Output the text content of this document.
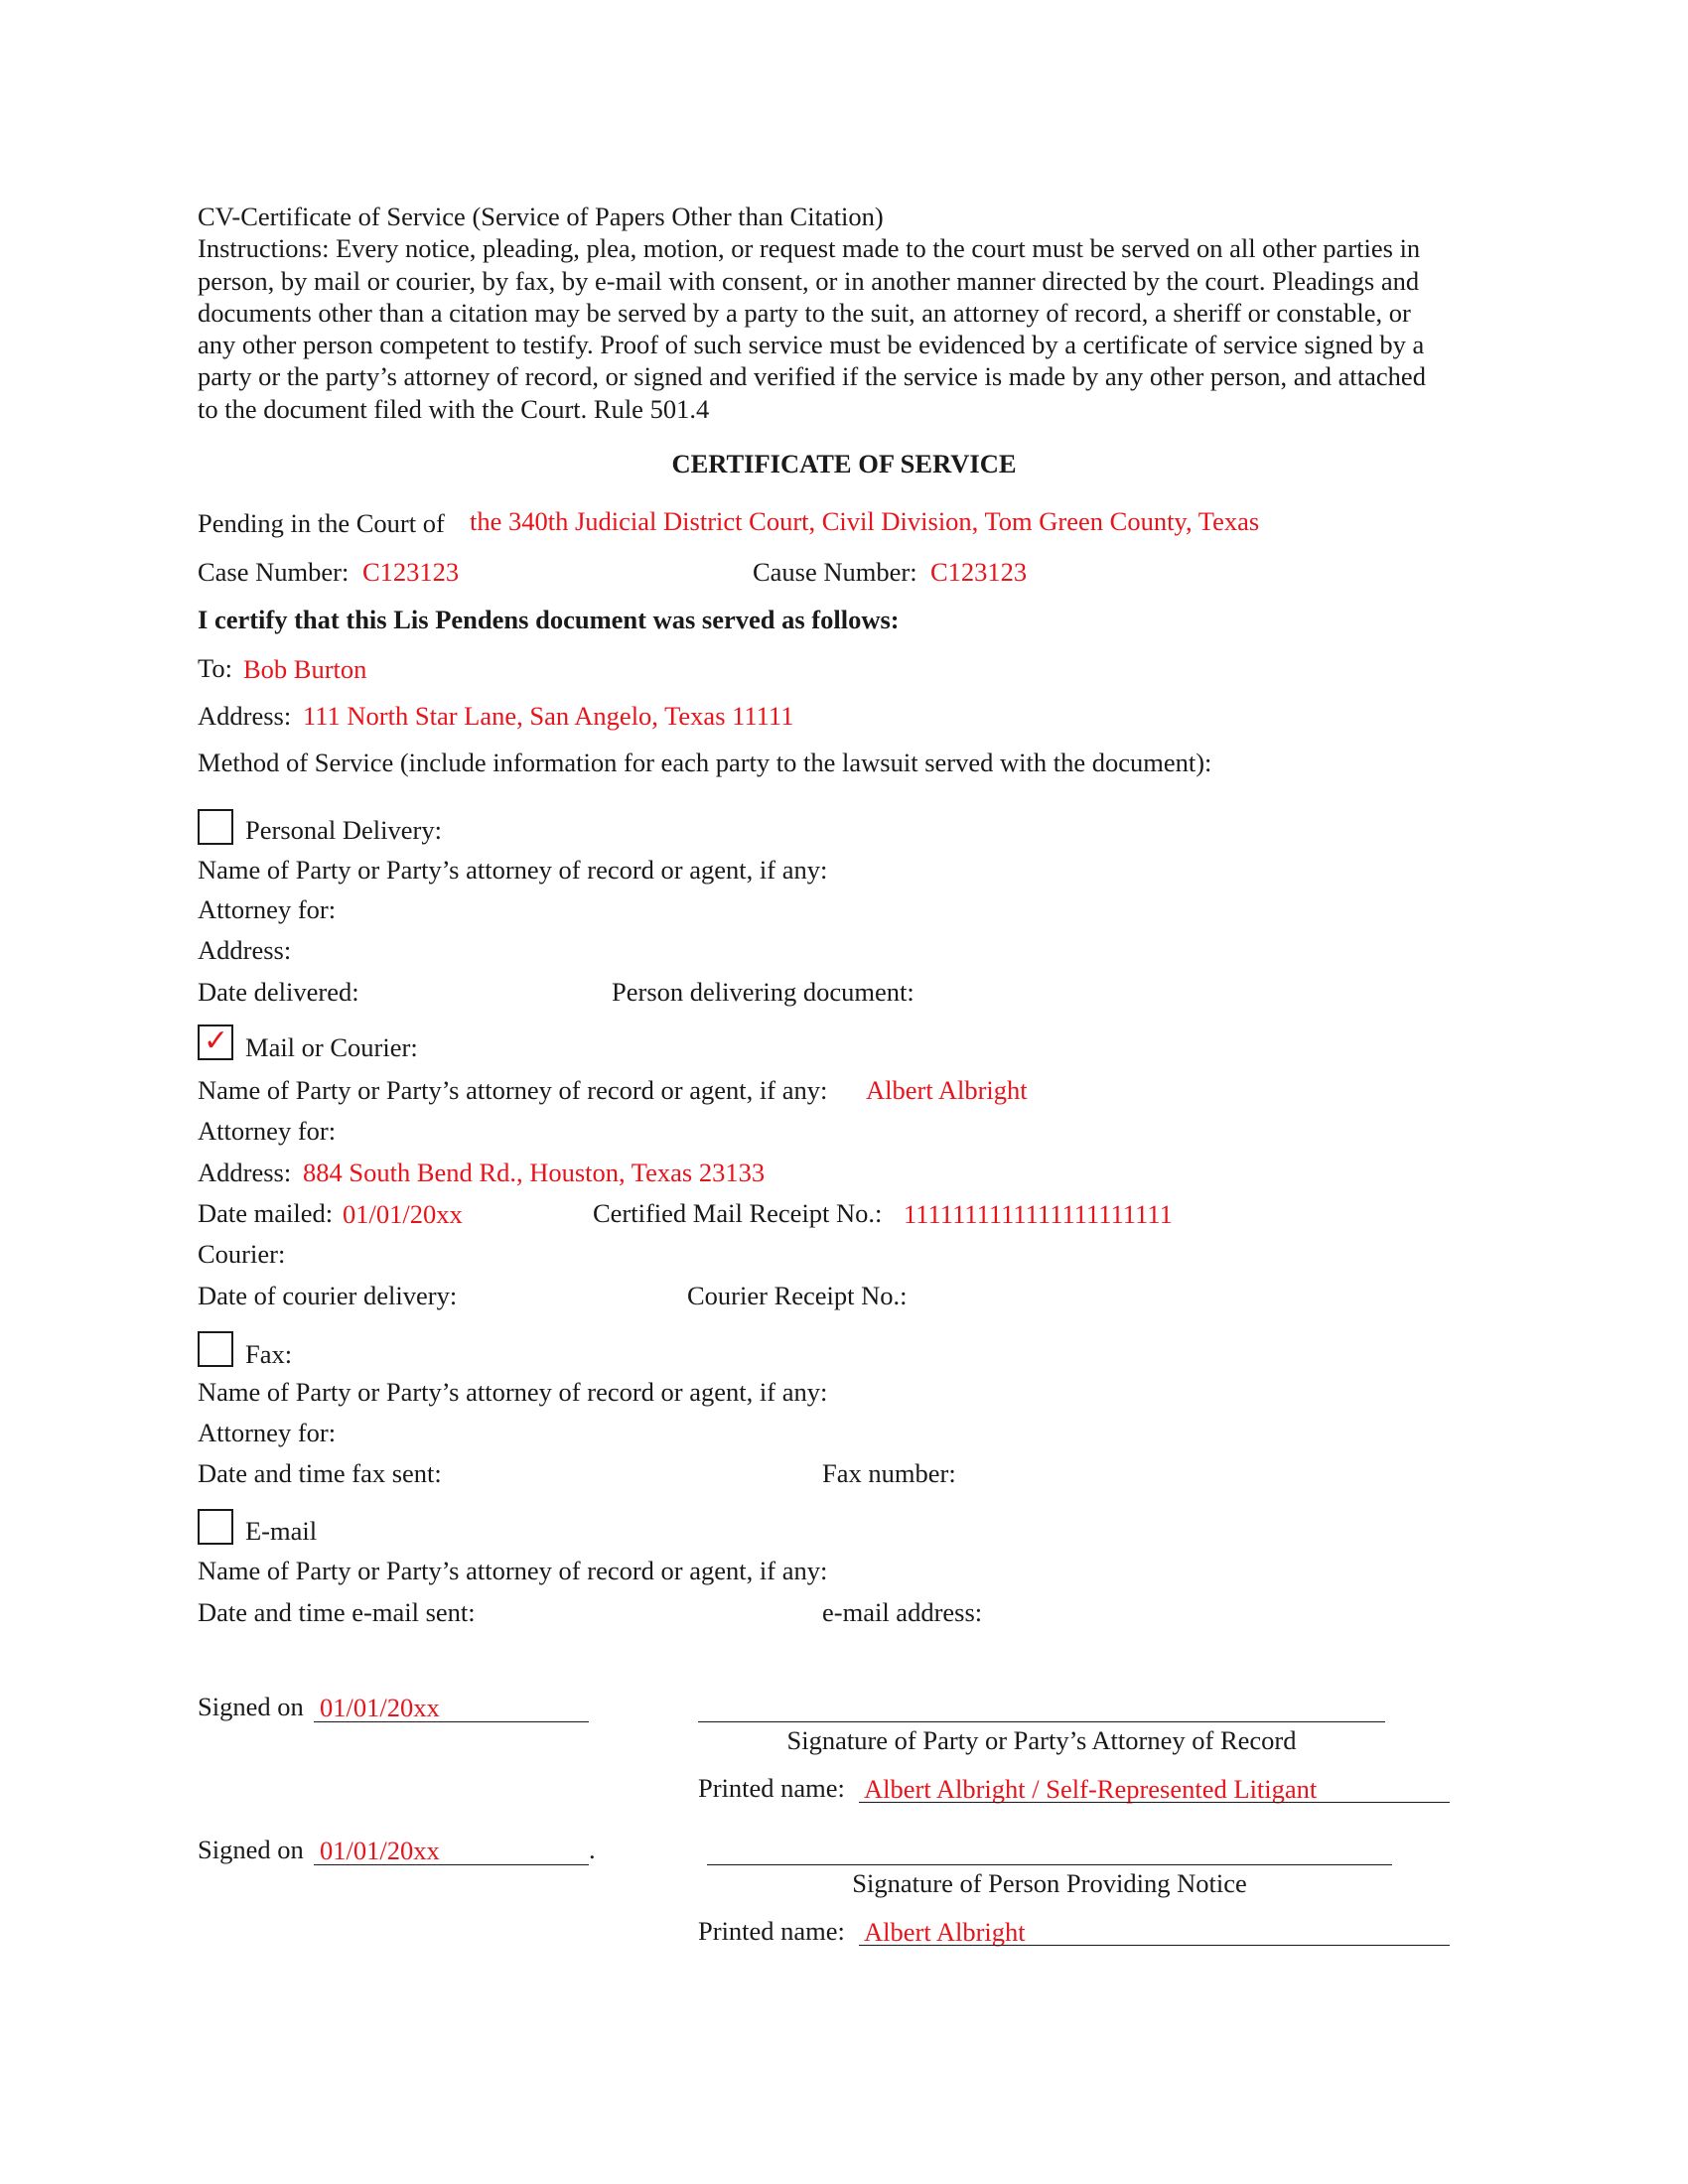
CV-Certificate of Service (Service of Papers Other than Citation)
Instructions: Every notice, pleading, plea, motion, or request made to the court must be served on all other parties in
person, by mail or courier, by fax, by e-mail with consent, or in another manner directed by the court. Pleadings and
documents other than a citation may be served by a party to the suit, an attorney of record, a sheriff or constable, or
any other person competent to testify. Proof of such service must be evidenced by a certificate of service signed by a
party or the party’s attorney of record, or signed and verified if the service is made by any other person, and attached
to the document filed with the Court. Rule 501.4
CERTIFICATE OF SERVICE
Pending in the Court of the 340th Judicial District Court, Civil Division, Tom Green County, Texas
Case Number: C123123	Cause Number: C123123
I certify that this Lis Pendens document was served as follows:
To: Bob Burton
Address: 111 North Star Lane, San Angelo, Texas 11111
Method of Service (include information for each party to the lawsuit served with the document):
Personal Delivery:
Name of Party or Party’s attorney of record or agent, if any:
Attorney for:
Address:
Date delivered:	Person delivering document:
✓ Mail or Courier:
Name of Party or Party’s attorney of record or agent, if any: Albert Albright
Attorney for:
Address: 884 South Bend Rd., Houston, Texas 23133
Date mailed: 01/01/20xx	Certified Mail Receipt No.: 1111111111111111111111
Courier:
Date of courier delivery:	Courier Receipt No.:
Fax:
Name of Party or Party’s attorney of record or agent, if any:
Attorney for:
Date and time fax sent:	Fax number:
E-mail
Name of Party or Party’s attorney of record or agent, if any:
Date and time e-mail sent:	e-mail address:
Signed on 01/01/20xx
Signature of Party or Party’s Attorney of Record
Printed name: Albert Albright / Self-Represented Litigant
Signed on 01/01/20xx	.
Signature of Person Providing Notice
Printed name: Albert Albright
